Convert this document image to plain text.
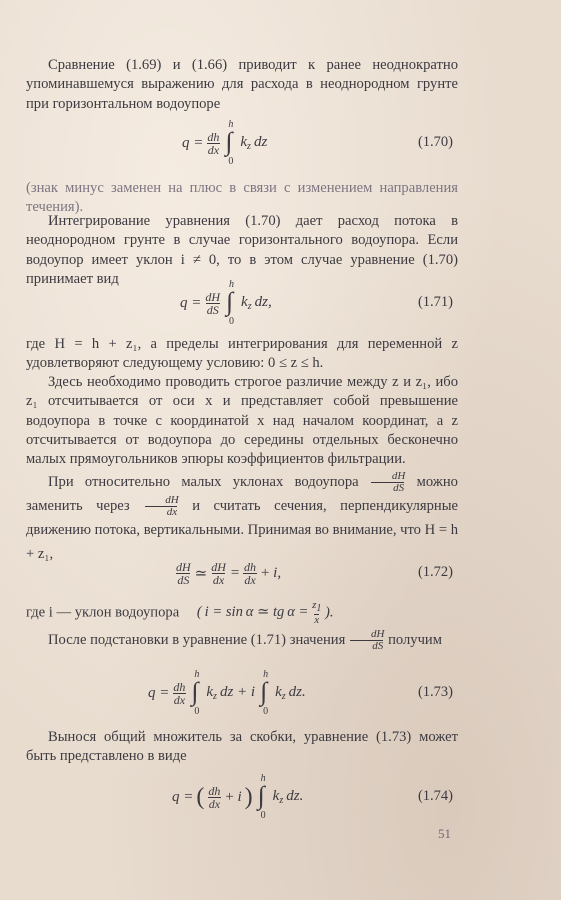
Сравнение (1.69) и (1.66) приводит к ранее неоднократно упоминавшемуся выражению для расхода в неоднородном грунте при горизонтальном водоупоре

$q = \frac{dh}{dx}$
h
∫
0
$k_z$ dz	(1.70)

(знак минус заменен на плюс в связи с изменением направления течения).

Интегрирование уравнения (1.70) дает расход потока в неоднородном грунте в случае горизонтального водоупора. Если водоупор имеет уклон i ≠ 0, то в этом случае уравнение (1.70) принимает вид

$q = \frac{dH}{dS}$
h
∫
0
$k_z$ dz,	(1.71)

где H = h + z₁, а пределы интегрирования для переменной z удовлетворяют следующему условию: 0 ≤ z ≤ h.

Здесь необходимо проводить строгое различие между z и z₁, ибо z₁ отсчитывается от оси x и представляет собой превышение водоупора в точке с координатой x над началом координат, а z отсчитывается от водоупора до середины отдельных бесконечно малых прямоугольников эпюры коэффициентов фильтрации.

При относительно малых уклонах водоупора $\frac{dH}{dS}$ можно заменить через $\frac{dH}{dx}$ и считать сечения, перпендикулярные движению потока, вертикальными. Принимая во внимание, что H = h + z₁,

$\frac{dH}{dS}$ ≃ $\frac{dH}{dx} = \frac{dh}{dx} + i$,	(1.72)

где i — уклон водоупора ( i = sin α ≃ tg $\alpha = \frac{z1}{x}$ ).

После подстановки в уравнение (1.71) значения $\frac{dH}{dS}$ получим

$q = \frac{dh}{dx}$
h
∫
0
$k_z$ dz + i
h
∫
0
$k_z$ dz.	(1.73)

Вынося общий множитель за скобки, уравнение (1.73) может быть представлено в виде

q = ( $\frac{dh}{dx} + i$ )
h
∫
0
$k_z$ dz.	(1.74)
51
